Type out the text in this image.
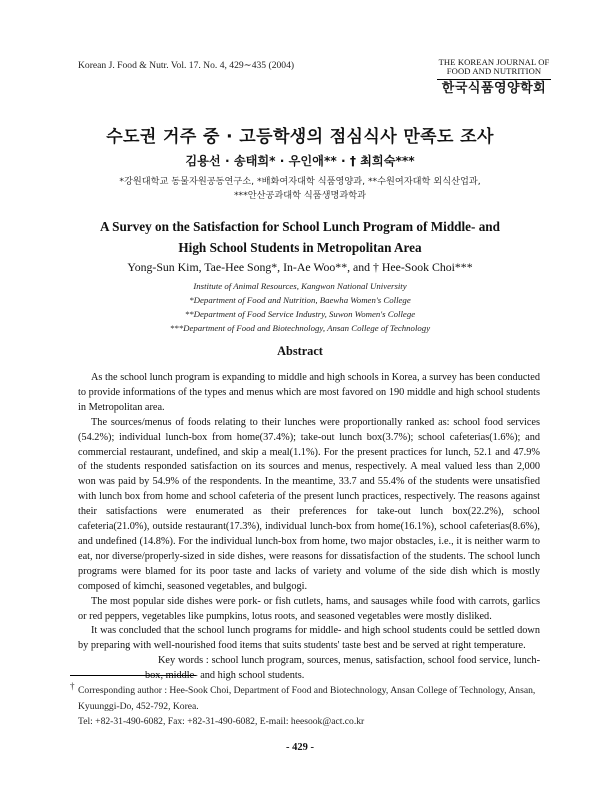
Korean J. Food & Nutr. Vol. 17. No. 4, 429∼435 (2004)	THE KOREAN JOURNAL OF
FOOD AND NUTRITION
한국식품영양학회
수도권 거주 중 · 고등학생의 점심식사 만족도 조사
김용선 · 송태희* · 우인애** · † 최희숙***
*강원대학교 동물자원공동연구소, *배화여자대학 식품영양과, **수원여자대학 외식산업과,
***안산공과대학 식품생명과학과
A Survey on the Satisfaction for School Lunch Program of Middle- and
High School Students in Metropolitan Area
Yong-Sun Kim, Tae-Hee Song*, In-Ae Woo**, and † Hee-Sook Choi***
Institute of Animal Resources, Kangwon National University
*Department of Food and Nutrition, Baewha Women's College
**Department of Food Service Industry, Suwon Women's College
***Department of Food and Biotechnology, Ansan College of Technology
Abstract

As the school lunch program is expanding to middle and high schools in Korea, a survey has been conducted to provide informations of the types and menus which are most favored on 190 middle and high school students in Metropolitan area.

The sources/menus of foods relating to their lunches were proportionally ranked as: school food services (54.2%); individual lunch-box from home(37.4%); take-out lunch box(3.7%); school cafeterias(1.6%); and commercial restaurant, undefined, and skip a meal(1.1%). For the present practices for lunch, 52.1 and 47.9% of the students responded satisfaction on its sources and menus, respectively. A meal valued less than 2,000 won was paid by 54.9% of the respondents. In the meantime, 33.7 and 55.4% of the students were unsatisfied with lunch box from home and school cafeteria of the present lunch practices, respectively. The reasons against their satisfactions were enumerated as their preferences for take-out lunch box(22.2%), school cafeteria(21.0%), outside restaurant(17.3%), individual lunch-box from home(16.1%), school cafeterias(8.6%), and undefined (14.8%). For the individual lunch-box from home, two major obstacles, i.e., it is neither warm to eat, nor diverse/properly-sized in side dishes, were reasons for dissatisfaction of the students. The school lunch programs were blamed for its poor taste and lacks of variety and volume of the side dish which is mostly composed of kimchi, seasoned vegetables, and bulgogi.

The most popular side dishes were pork- or fish cutlets, hams, and sausages while food with carrots, garlics or red peppers, vegetables like pumpkins, lotus roots, and seasoned vegetables were mostly disliked.

It was concluded that the school lunch programs for middle- and high school students could be settled down by preparing with well-nourished food items that suits students' taste best and be served at right temperature.

Key words : school lunch program, sources, menus, satisfaction, school food service, lunch- box, middle- and high school students.

† Corresponding author : Hee-Sook Choi, Department of Food and Biotechnology, Ansan College of Technology, Ansan, Kyuunggi-Do, 452-792, Korea.
Tel: +82-31-490-6082, Fax: +82-31-490-6082, E-mail: heesook@act.co.kr
- 429 -
